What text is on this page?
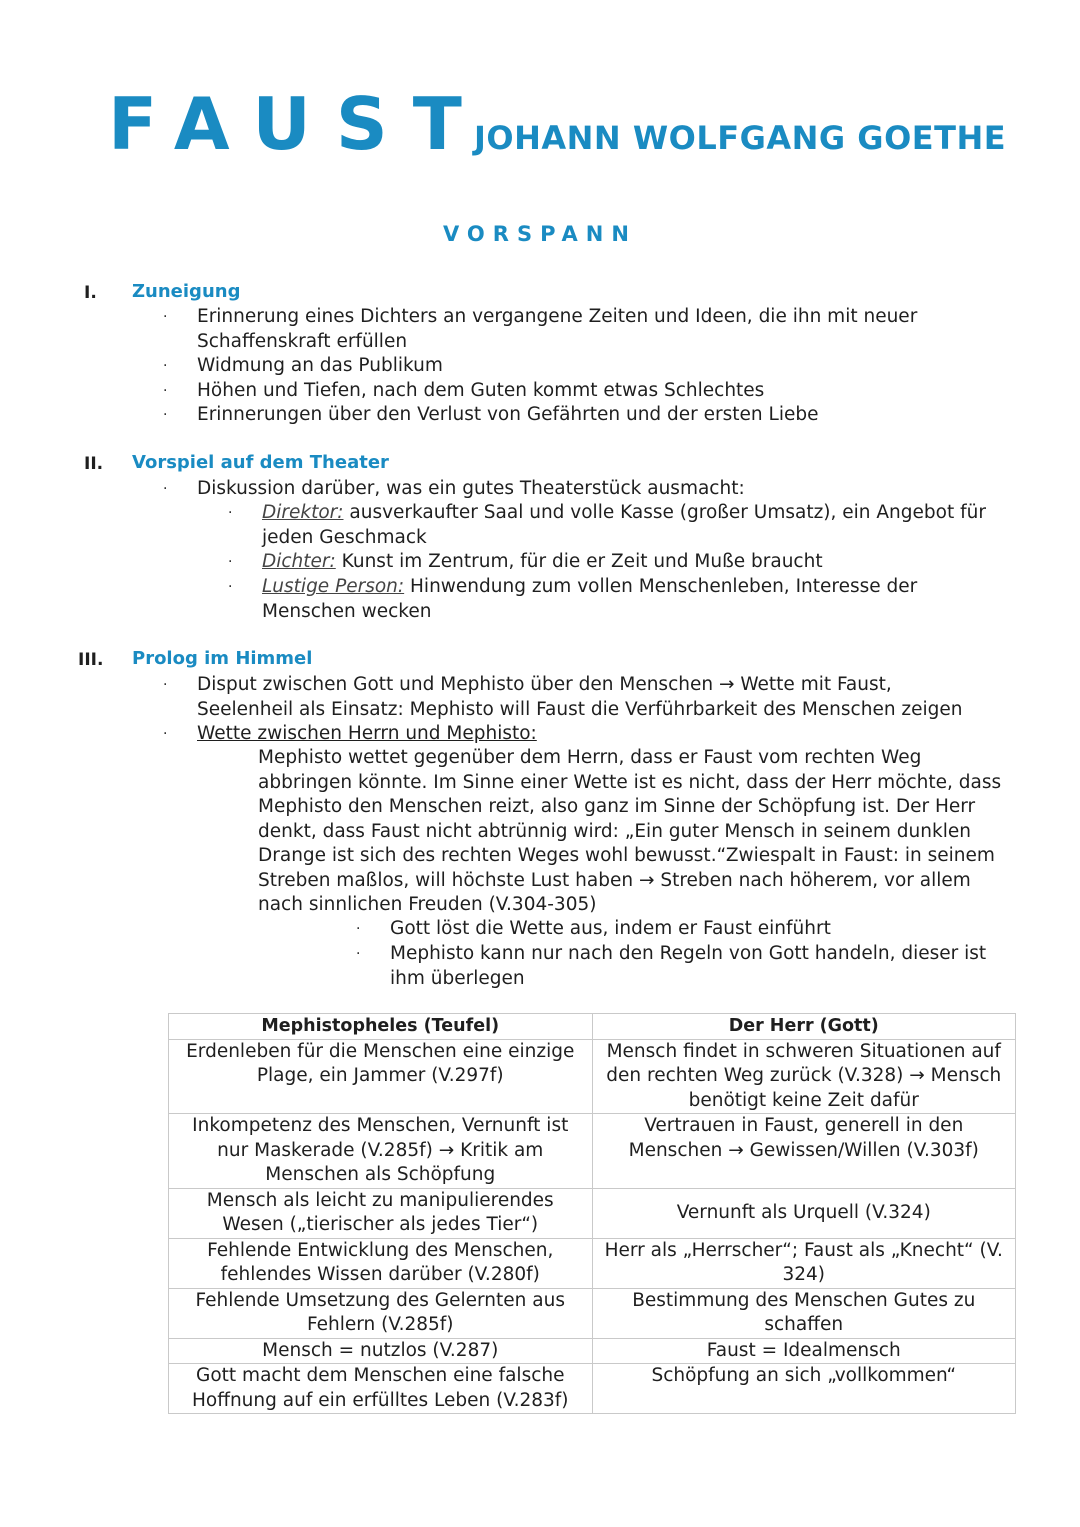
FAUST JOHANN WOLFGANG GOETHE
VORSPANN
I. Zuneigung
· Erinnerung eines Dichters an vergangene Zeiten und Ideen, die ihn mit neuer Schaffenskraft erfüllen
· Widmung an das Publikum
· Höhen und Tiefen, nach dem Guten kommt etwas Schlechtes
· Erinnerungen über den Verlust von Gefährten und der ersten Liebe
II. Vorspiel auf dem Theater
· Diskussion darüber, was ein gutes Theaterstück ausmacht:
· Direktor: ausverkaufter Saal und volle Kasse (großer Umsatz), ein Angebot für jeden Geschmack
· Dichter: Kunst im Zentrum, für die er Zeit und Muße braucht
· Lustige Person: Hinwendung zum vollen Menschenleben, Interesse der Menschen wecken
III. Prolog im Himmel
· Disput zwischen Gott und Mephisto über den Menschen → Wette mit Faust, Seelenheil als Einsatz: Mephisto will Faust die Verführbarkeit des Menschen zeigen
· Wette zwischen Herrn und Mephisto:
Mephisto wettet gegenüber dem Herrn, dass er Faust vom rechten Weg abbringen könnte. Im Sinne einer Wette ist es nicht, dass der Herr möchte, dass Mephisto den Menschen reizt, also ganz im Sinne der Schöpfung ist. Der Herr denkt, dass Faust nicht abtrünnig wird: „Ein guter Mensch in seinem dunklen Drange ist sich des rechten Weges wohl bewusst.“Zwiespalt in Faust: in seinem Streben maßlos, will höchste Lust haben → Streben nach höherem, vor allem nach sinnlichen Freuden (V.304-305)
· Gott löst die Wette aus, indem er Faust einführt
· Mephisto kann nur nach den Regeln von Gott handeln, dieser ist ihm überlegen
Mephistopheles (Teufel)	Der Herr (Gott)
Erdenleben für die Menschen eine einzige Plage, ein Jammer (V.297f)	Mensch findet in schweren Situationen auf den rechten Weg zurück (V.328) → Mensch benötigt keine Zeit dafür
Inkompetenz des Menschen, Vernunft ist nur Maskerade (V.285f) → Kritik am Menschen als Schöpfung	Vertrauen in Faust, generell in den Menschen → Gewissen/Willen (V.303f)
Mensch als leicht zu manipulierendes Wesen („tierischer als jedes Tier“)	Vernunft als Urquell (V.324)
Fehlende Entwicklung des Menschen, fehlendes Wissen darüber (V.280f)	Herr als „Herrscher“; Faust als „Knecht“ (V. 324)
Fehlende Umsetzung des Gelernten aus Fehlern (V.285f)	Bestimmung des Menschen Gutes zu schaffen
Mensch = nutzlos (V.287)	Faust = Idealmensch
Gott macht dem Menschen eine falsche Hoffnung auf ein erfülltes Leben (V.283f)	Schöpfung an sich „vollkommen“
